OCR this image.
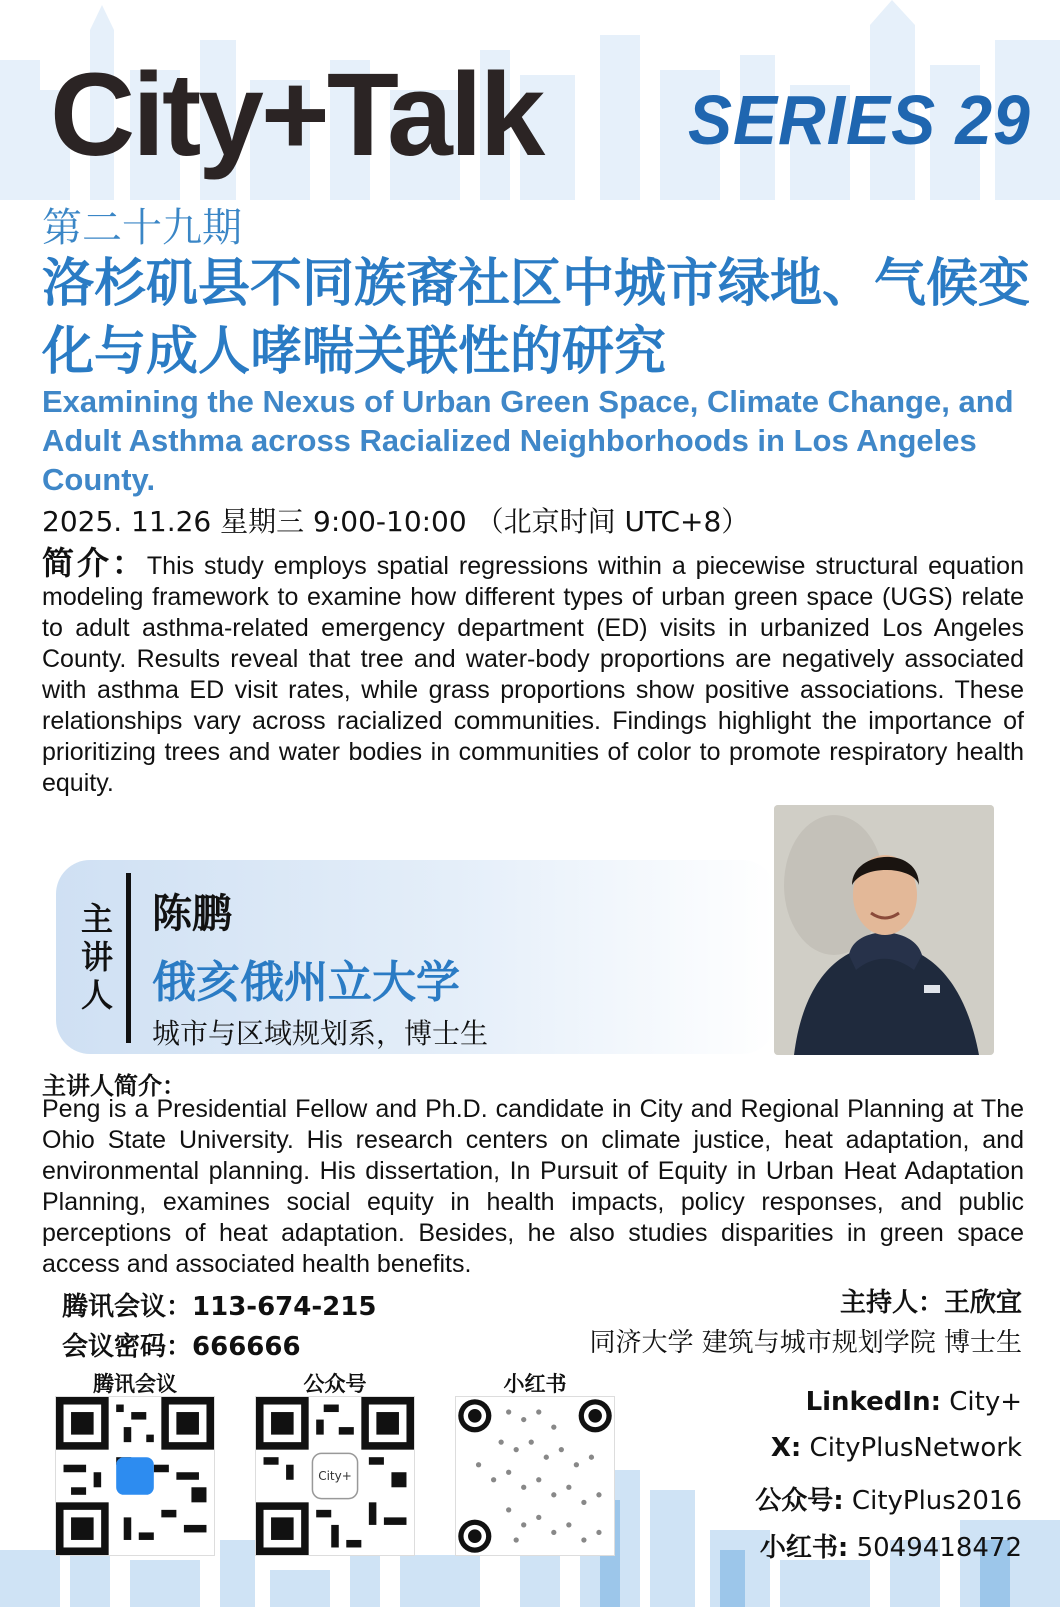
City+Talk SERIES 29
第二十九期
洛杉矶县不同族裔社区中城市绿地、气候变化与成人哮喘关联性的研究
Examining the Nexus of Urban Green Space, Climate Change, and Adult Asthma across Racialized Neighborhoods in Los Angeles County.
2025. 11.26 星期三 9:00-10:00 （北京时间 UTC+8）
简介：This study employs spatial regressions within a piecewise structural equation modeling framework to examine how different types of urban green space (UGS) relate to adult asthma-related emergency department (ED) visits in urbanized Los Angeles County. Results reveal that tree and water-body proportions are negatively associated with asthma ED visit rates, while grass proportions show positive associations. These relationships vary across racialized communities. Findings highlight the importance of prioritizing trees and water bodies in communities of color to promote respiratory health equity.
主讲人
陈鹏
俄亥俄州立大学
城市与区域规划系，博士生
主讲人简介：
Peng is a Presidential Fellow and Ph.D. candidate in City and Regional Planning at The Ohio State University. His research centers on climate justice, heat adaptation, and environmental planning. His dissertation, In Pursuit of Equity in Urban Heat Adaptation Planning, examines social equity in health impacts, policy responses, and public perceptions of heat adaptation. Besides, he also studies disparities in green space access and associated health benefits.
腾讯会议：113-674-215
会议密码：666666
主持人：王欣宜
同济大学 建筑与城市规划学院 博士生
腾讯会议	公众号
City+
小红书
LinkedIn: City+
X: CityPlusNetwork
公众号: CityPlus2016
小红书: 5049418472
